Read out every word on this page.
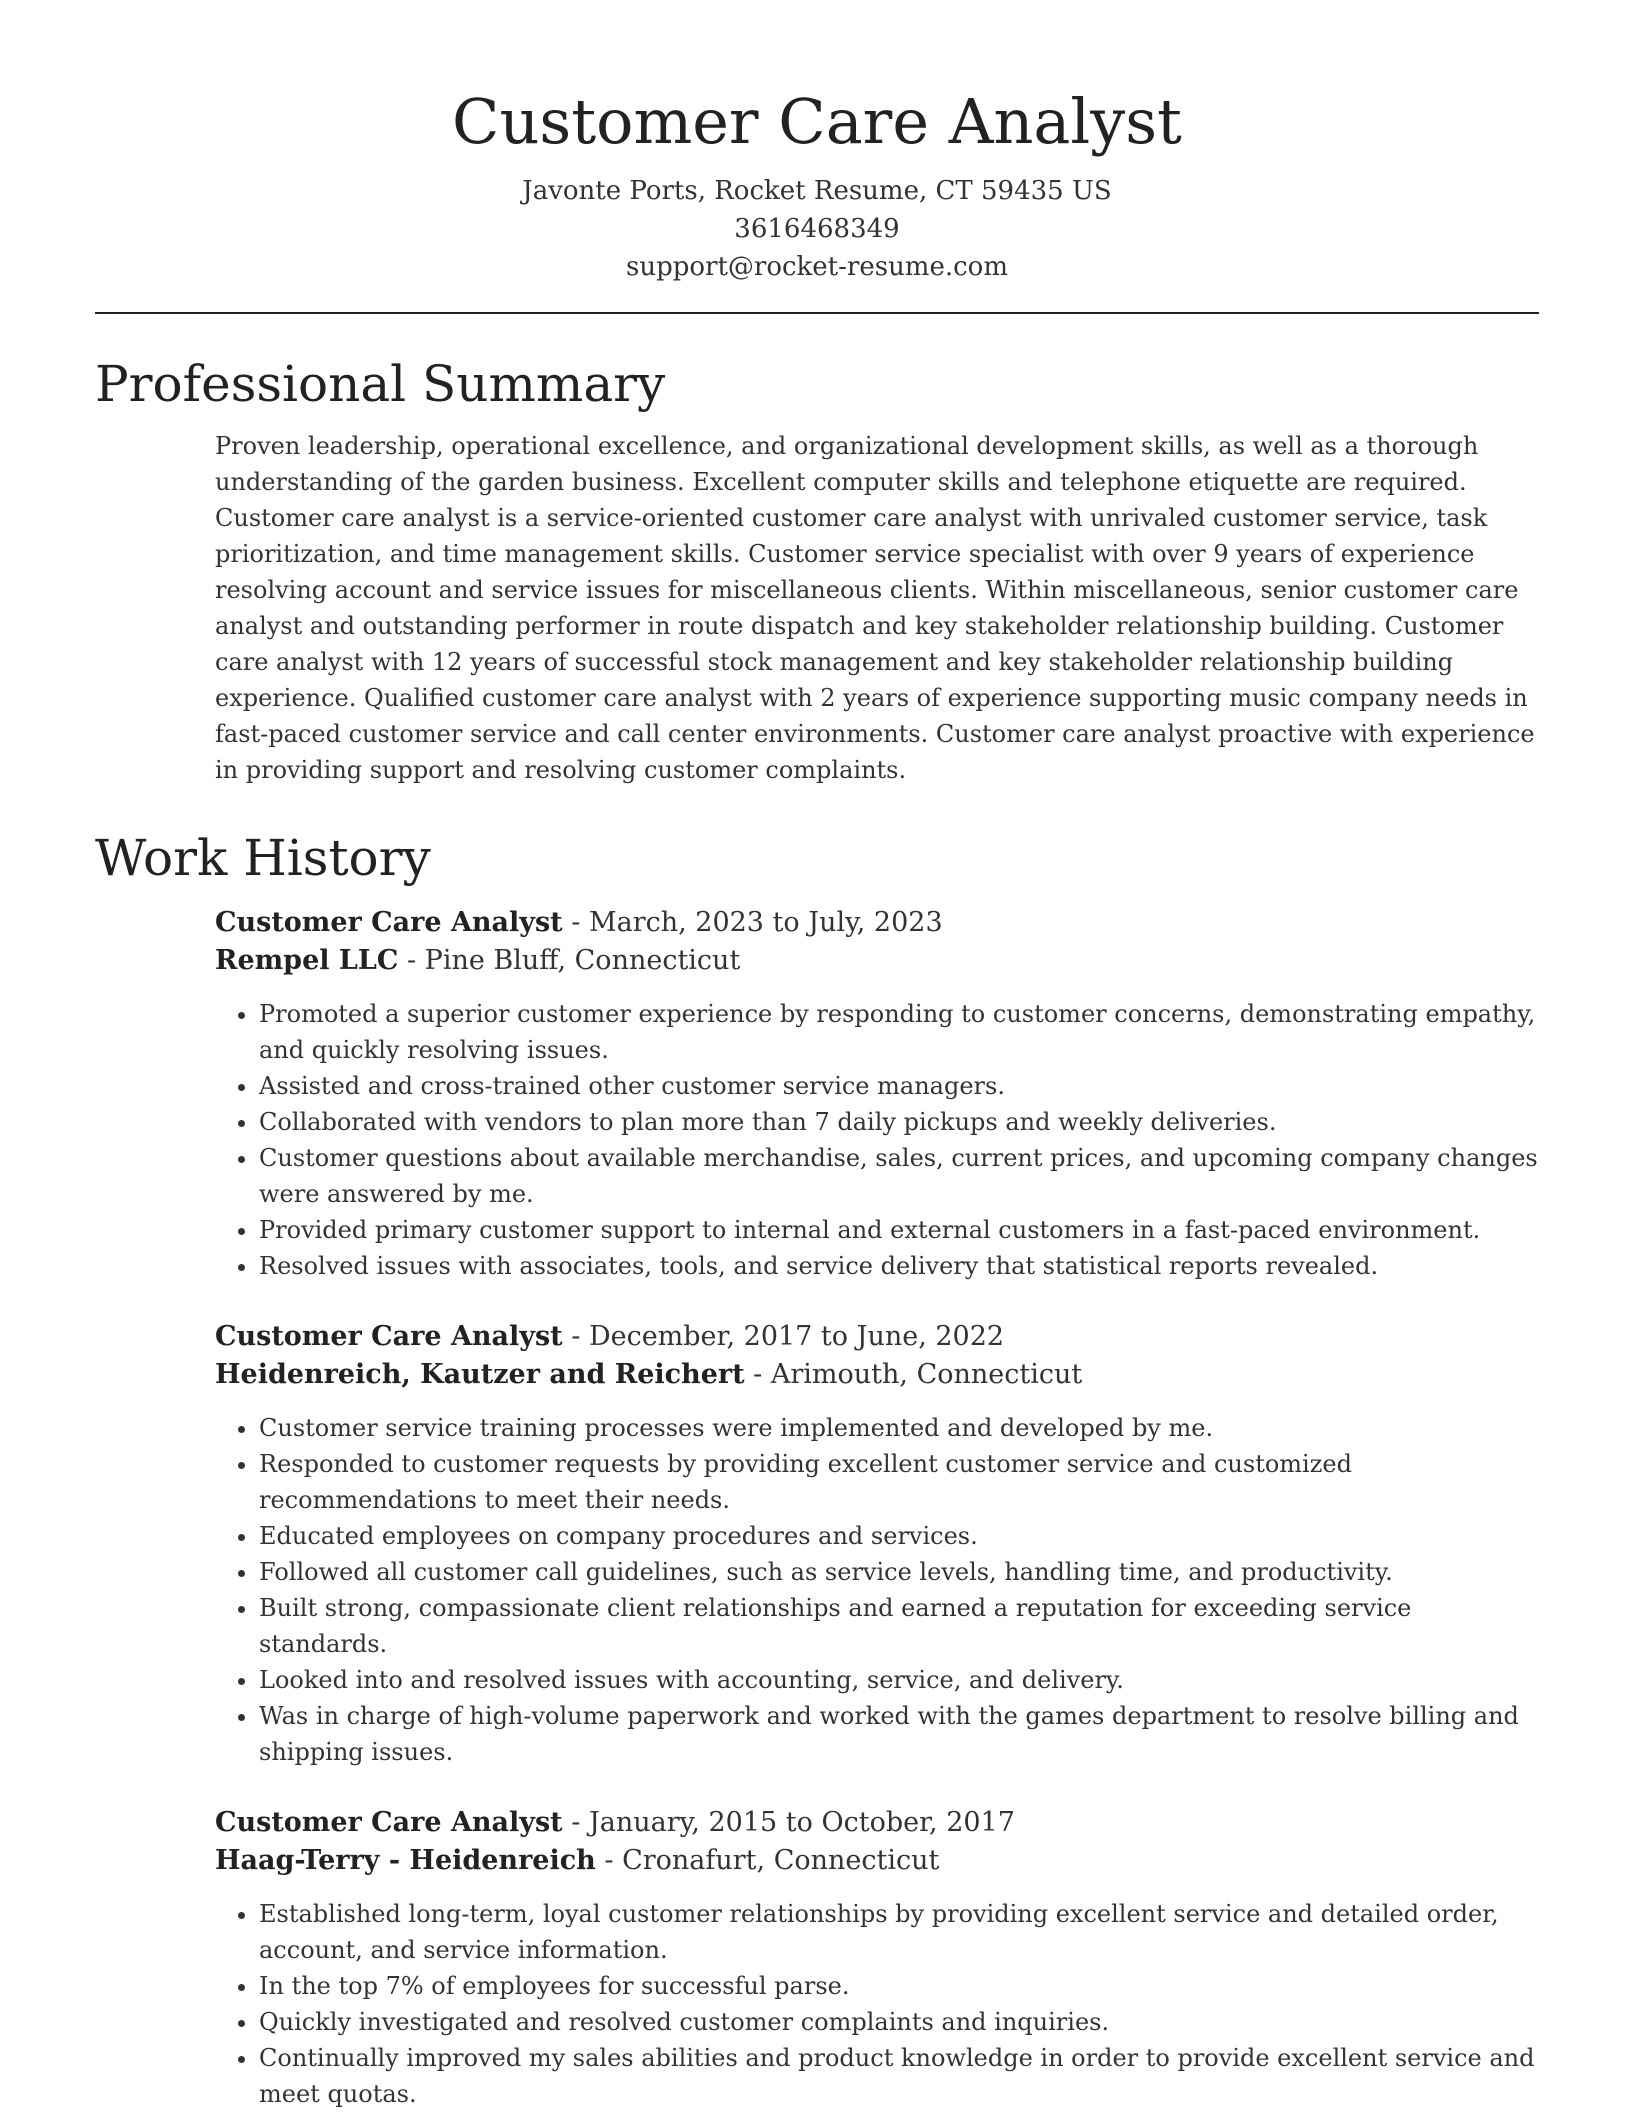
Customer Care Analyst
Javonte Ports, Rocket Resume, CT 59435 US
3616468349
support@rocket-resume.com
Professional Summary
Proven leadership, operational excellence, and organizational development skills, as well as a thorough understanding of the garden business. Excellent computer skills and telephone etiquette are required. Customer care analyst is a service-oriented customer care analyst with unrivaled customer service, task prioritization, and time management skills. Customer service specialist with over 9 years of experience resolving account and service issues for miscellaneous clients. Within miscellaneous, senior customer care analyst and outstanding performer in route dispatch and key stakeholder relationship building. Customer care analyst with 12 years of successful stock management and key stakeholder relationship building experience. Qualified customer care analyst with 2 years of experience supporting music company needs in fast-paced customer service and call center environments. Customer care analyst proactive with experience in providing support and resolving customer complaints.
Work History
Customer Care Analyst - March, 2023 to July, 2023
Rempel LLC - Pine Bluff, Connecticut
• Promoted a superior customer experience by responding to customer concerns, demonstrating empathy, and quickly resolving issues.
• Assisted and cross-trained other customer service managers.
• Collaborated with vendors to plan more than 7 daily pickups and weekly deliveries.
• Customer questions about available merchandise, sales, current prices, and upcoming company changes were answered by me.
• Provided primary customer support to internal and external customers in a fast-paced environment.
• Resolved issues with associates, tools, and service delivery that statistical reports revealed.
Customer Care Analyst - December, 2017 to June, 2022
Heidenreich, Kautzer and Reichert - Arimouth, Connecticut
• Customer service training processes were implemented and developed by me.
• Responded to customer requests by providing excellent customer service and customized recommendations to meet their needs.
• Educated employees on company procedures and services.
• Followed all customer call guidelines, such as service levels, handling time, and productivity.
• Built strong, compassionate client relationships and earned a reputation for exceeding service standards.
• Looked into and resolved issues with accounting, service, and delivery.
• Was in charge of high-volume paperwork and worked with the games department to resolve billing and shipping issues.
Customer Care Analyst - January, 2015 to October, 2017
Haag-Terry - Heidenreich - Cronafurt, Connecticut
• Established long-term, loyal customer relationships by providing excellent service and detailed order, account, and service information.
• In the top 7% of employees for successful parse.
• Quickly investigated and resolved customer complaints and inquiries.
• Continually improved my sales abilities and product knowledge in order to provide excellent service and meet quotas.
